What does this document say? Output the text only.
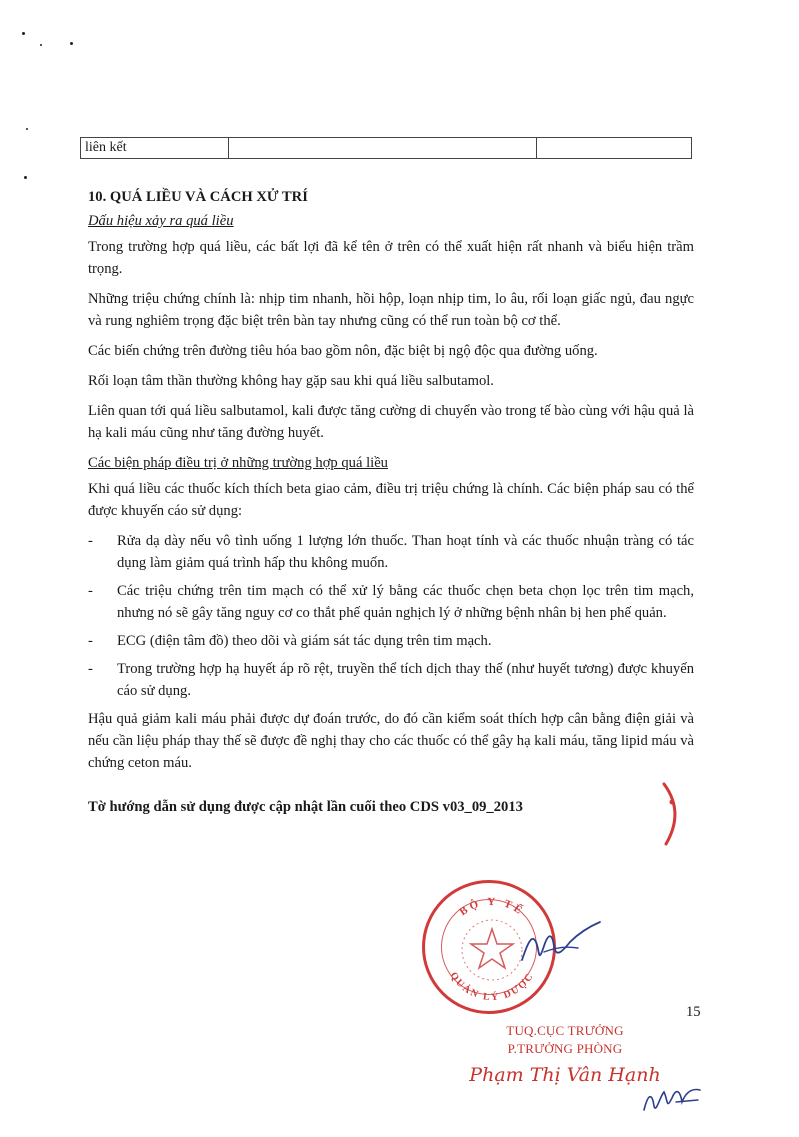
liên kết
10. QUÁ LIỀU VÀ CÁCH XỬ TRÍ
Dấu hiệu xảy ra quá liều

Trong trường hợp quá liều, các bất lợi đã kể tên ở trên có thể xuất hiện rất nhanh và biểu hiện trầm trọng.

Những triệu chứng chính là: nhịp tim nhanh, hồi hộp, loạn nhịp tim, lo âu, rối loạn giấc ngủ, đau ngực và rung nghiêm trọng đặc biệt trên bàn tay nhưng cũng có thể run toàn bộ cơ thể.

Các biến chứng trên đường tiêu hóa bao gồm nôn, đặc biệt bị ngộ độc qua đường uống.

Rối loạn tâm thần thường không hay gặp sau khi quá liều salbutamol.

Liên quan tới quá liều salbutamol, kali được tăng cường di chuyển vào trong tế bào cùng với hậu quả là hạ kali máu cũng như tăng đường huyết.

Các biện pháp điều trị ở những trường hợp quá liều

Khi quá liều các thuốc kích thích beta giao cảm, điều trị triệu chứng là chính. Các biện pháp sau có thể được khuyến cáo sử dụng:

- Rửa dạ dày nếu vô tình uống 1 lượng lớn thuốc. Than hoạt tính và các thuốc nhuận tràng có tác dụng làm giảm quá trình hấp thu không muốn.
- Các triệu chứng trên tim mạch có thể xử lý bằng các thuốc chẹn beta chọn lọc trên tim mạch, nhưng nó sẽ gây tăng nguy cơ co thắt phế quản nghịch lý ở những bệnh nhân bị hen phế quản.
- ECG (điện tâm đồ) theo dõi và giám sát tác dụng trên tim mạch.
- Trong trường hợp hạ huyết áp rõ rệt, truyền thể tích dịch thay thế (như huyết tương) được khuyến cáo sử dụng.

Hậu quả giảm kali máu phải được dự đoán trước, do đó cần kiểm soát thích hợp cân bằng điện giải và nếu cần liệu pháp thay thế sẽ được đề nghị thay cho các thuốc có thể gây hạ kali máu, tăng lipid máu và chứng ceton máu.

Tờ hướng dẫn sử dụng được cập nhật lần cuối theo CDS v03_09_2013
BỘ Y TẾ
QUẢN LÝ DƯỢC
15
TUQ.CỤC TRƯỞNG
P.TRƯỞNG PHÒNG
Phạm Thị Vân Hạnh
